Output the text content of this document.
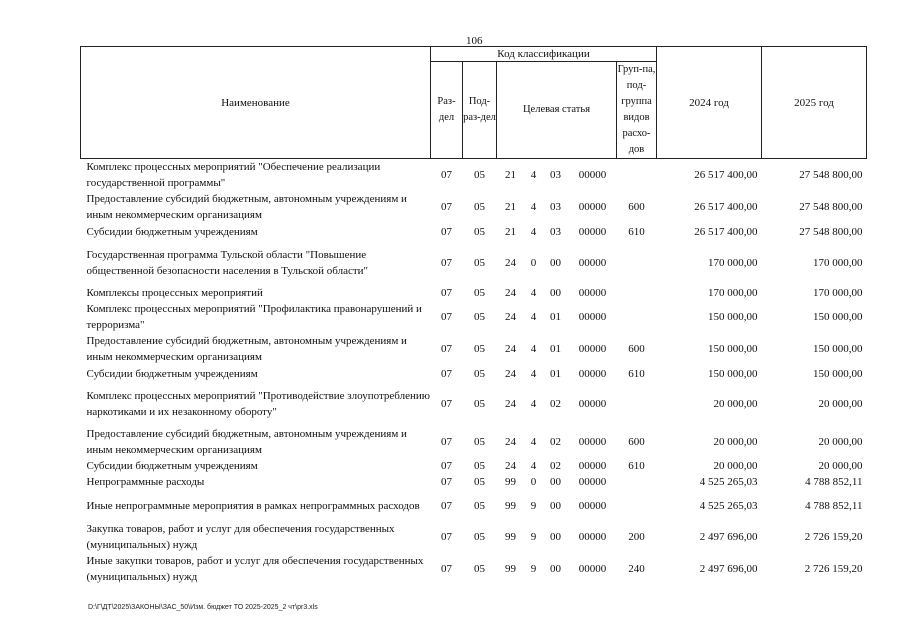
106
Наименование	Код классификации							2024 год	2025 год
	Раз-дел	Под-раз-дел	Целевая статья				Груп-па, под-группа видов расхо-дов		
Комплекс процессных мероприятий "Обеспечение реализации государственной программы"	07	05	21	4	03	00000		26 517 400,00	27 548 800,00
Предоставление субсидий бюджетным, автономным учреждениям и иным некоммерческим организациям	07	05	21	4	03	00000	600	26 517 400,00	27 548 800,00
Субсидии бюджетным учреждениям	07	05	21	4	03	00000	610	26 517 400,00	27 548 800,00
Государственная программа Тульской области "Повышение общественной безопасности населения в Тульской области"	07	05	24	0	00	00000		170 000,00	170 000,00
Комплексы процессных мероприятий	07	05	24	4	00	00000		170 000,00	170 000,00
Комплекс процессных мероприятий "Профилактика правонарушений и терроризма"	07	05	24	4	01	00000		150 000,00	150 000,00
Предоставление субсидий бюджетным, автономным учреждениям и иным некоммерческим организациям	07	05	24	4	01	00000	600	150 000,00	150 000,00
Субсидии бюджетным учреждениям	07	05	24	4	01	00000	610	150 000,00	150 000,00
Комплекс процессных мероприятий "Противодействие злоупотреблению наркотиками и их незаконному обороту"	07	05	24	4	02	00000		20 000,00	20 000,00
Предоставление субсидий бюджетным, автономным учреждениям и иным некоммерческим организациям	07	05	24	4	02	00000	600	20 000,00	20 000,00
Субсидии бюджетным учреждениям	07	05	24	4	02	00000	610	20 000,00	20 000,00
Непрограммные расходы	07	05	99	0	00	00000		4 525 265,03	4 788 852,11
Иные непрограммные мероприятия в рамках непрограммных расходов	07	05	99	9	00	00000		4 525 265,03	4 788 852,11
Закупка товаров, работ и услуг для обеспечения государственных (муниципальных) нужд	07	05	99	9	00	00000	200	2 497 696,00	2 726 159,20
Иные закупки товаров, работ и услуг для обеспечения государственных (муниципальных) нужд	07	05	99	9	00	00000	240	2 497 696,00	2 726 159,20
D:\Г\ДТ\2025\ЗАКОНЫ\ЗАС_50\Изм. бюджет ТО 2025-2025_2 чт\pr3.xls
